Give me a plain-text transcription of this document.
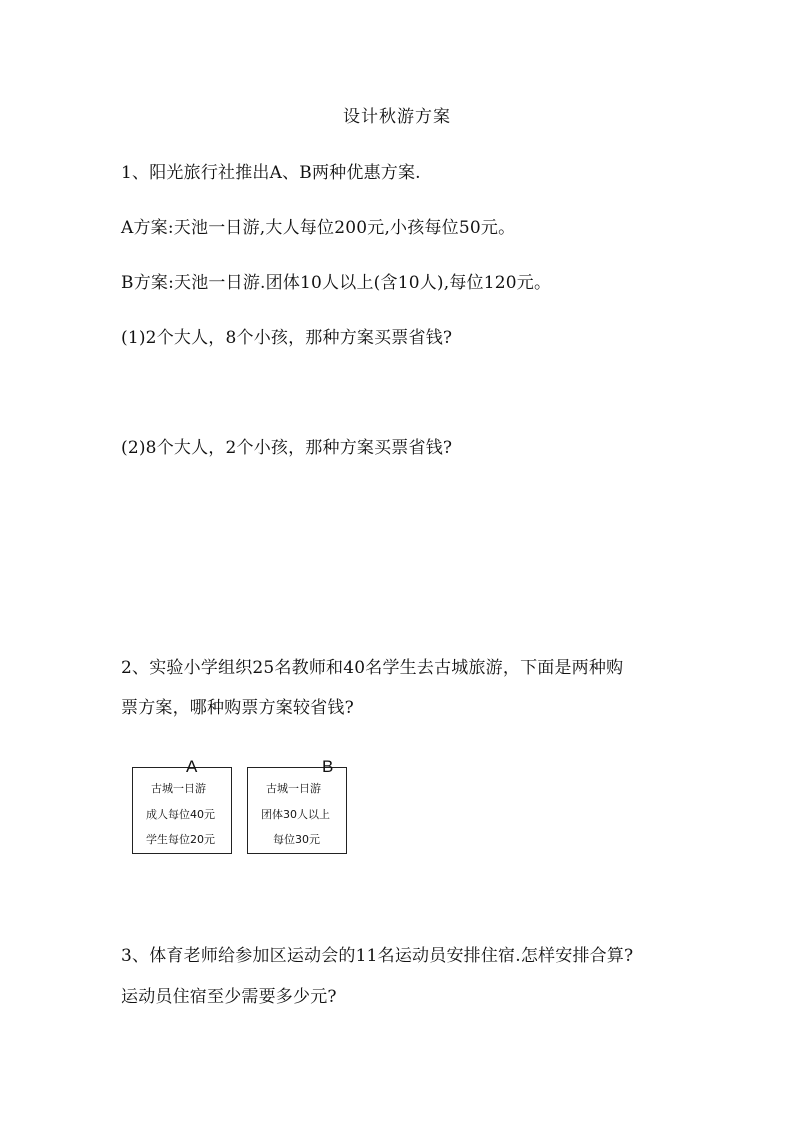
设计秋游方案
1、阳光旅行社推出A、B两种优惠方案.
A方案:天池一日游,大人每位200元,小孩每位50元。
B方案:天池一日游.团体10人以上(含10人),每位120元。
(1)2个大人，8个小孩，那种方案买票省钱?
(2)8个大人，2个小孩，那种方案买票省钱?
2、实验小学组织25名教师和40名学生去古城旅游，下面是两种购
票方案，哪种购票方案较省钱?
A
古城一日游
成人每位40元
学生每位20元
B
古城一日游
团体30人以上
每位30元
3、体育老师给参加区运动会的11名运动员安排住宿.怎样安排合算?
运动员住宿至少需要多少元?
